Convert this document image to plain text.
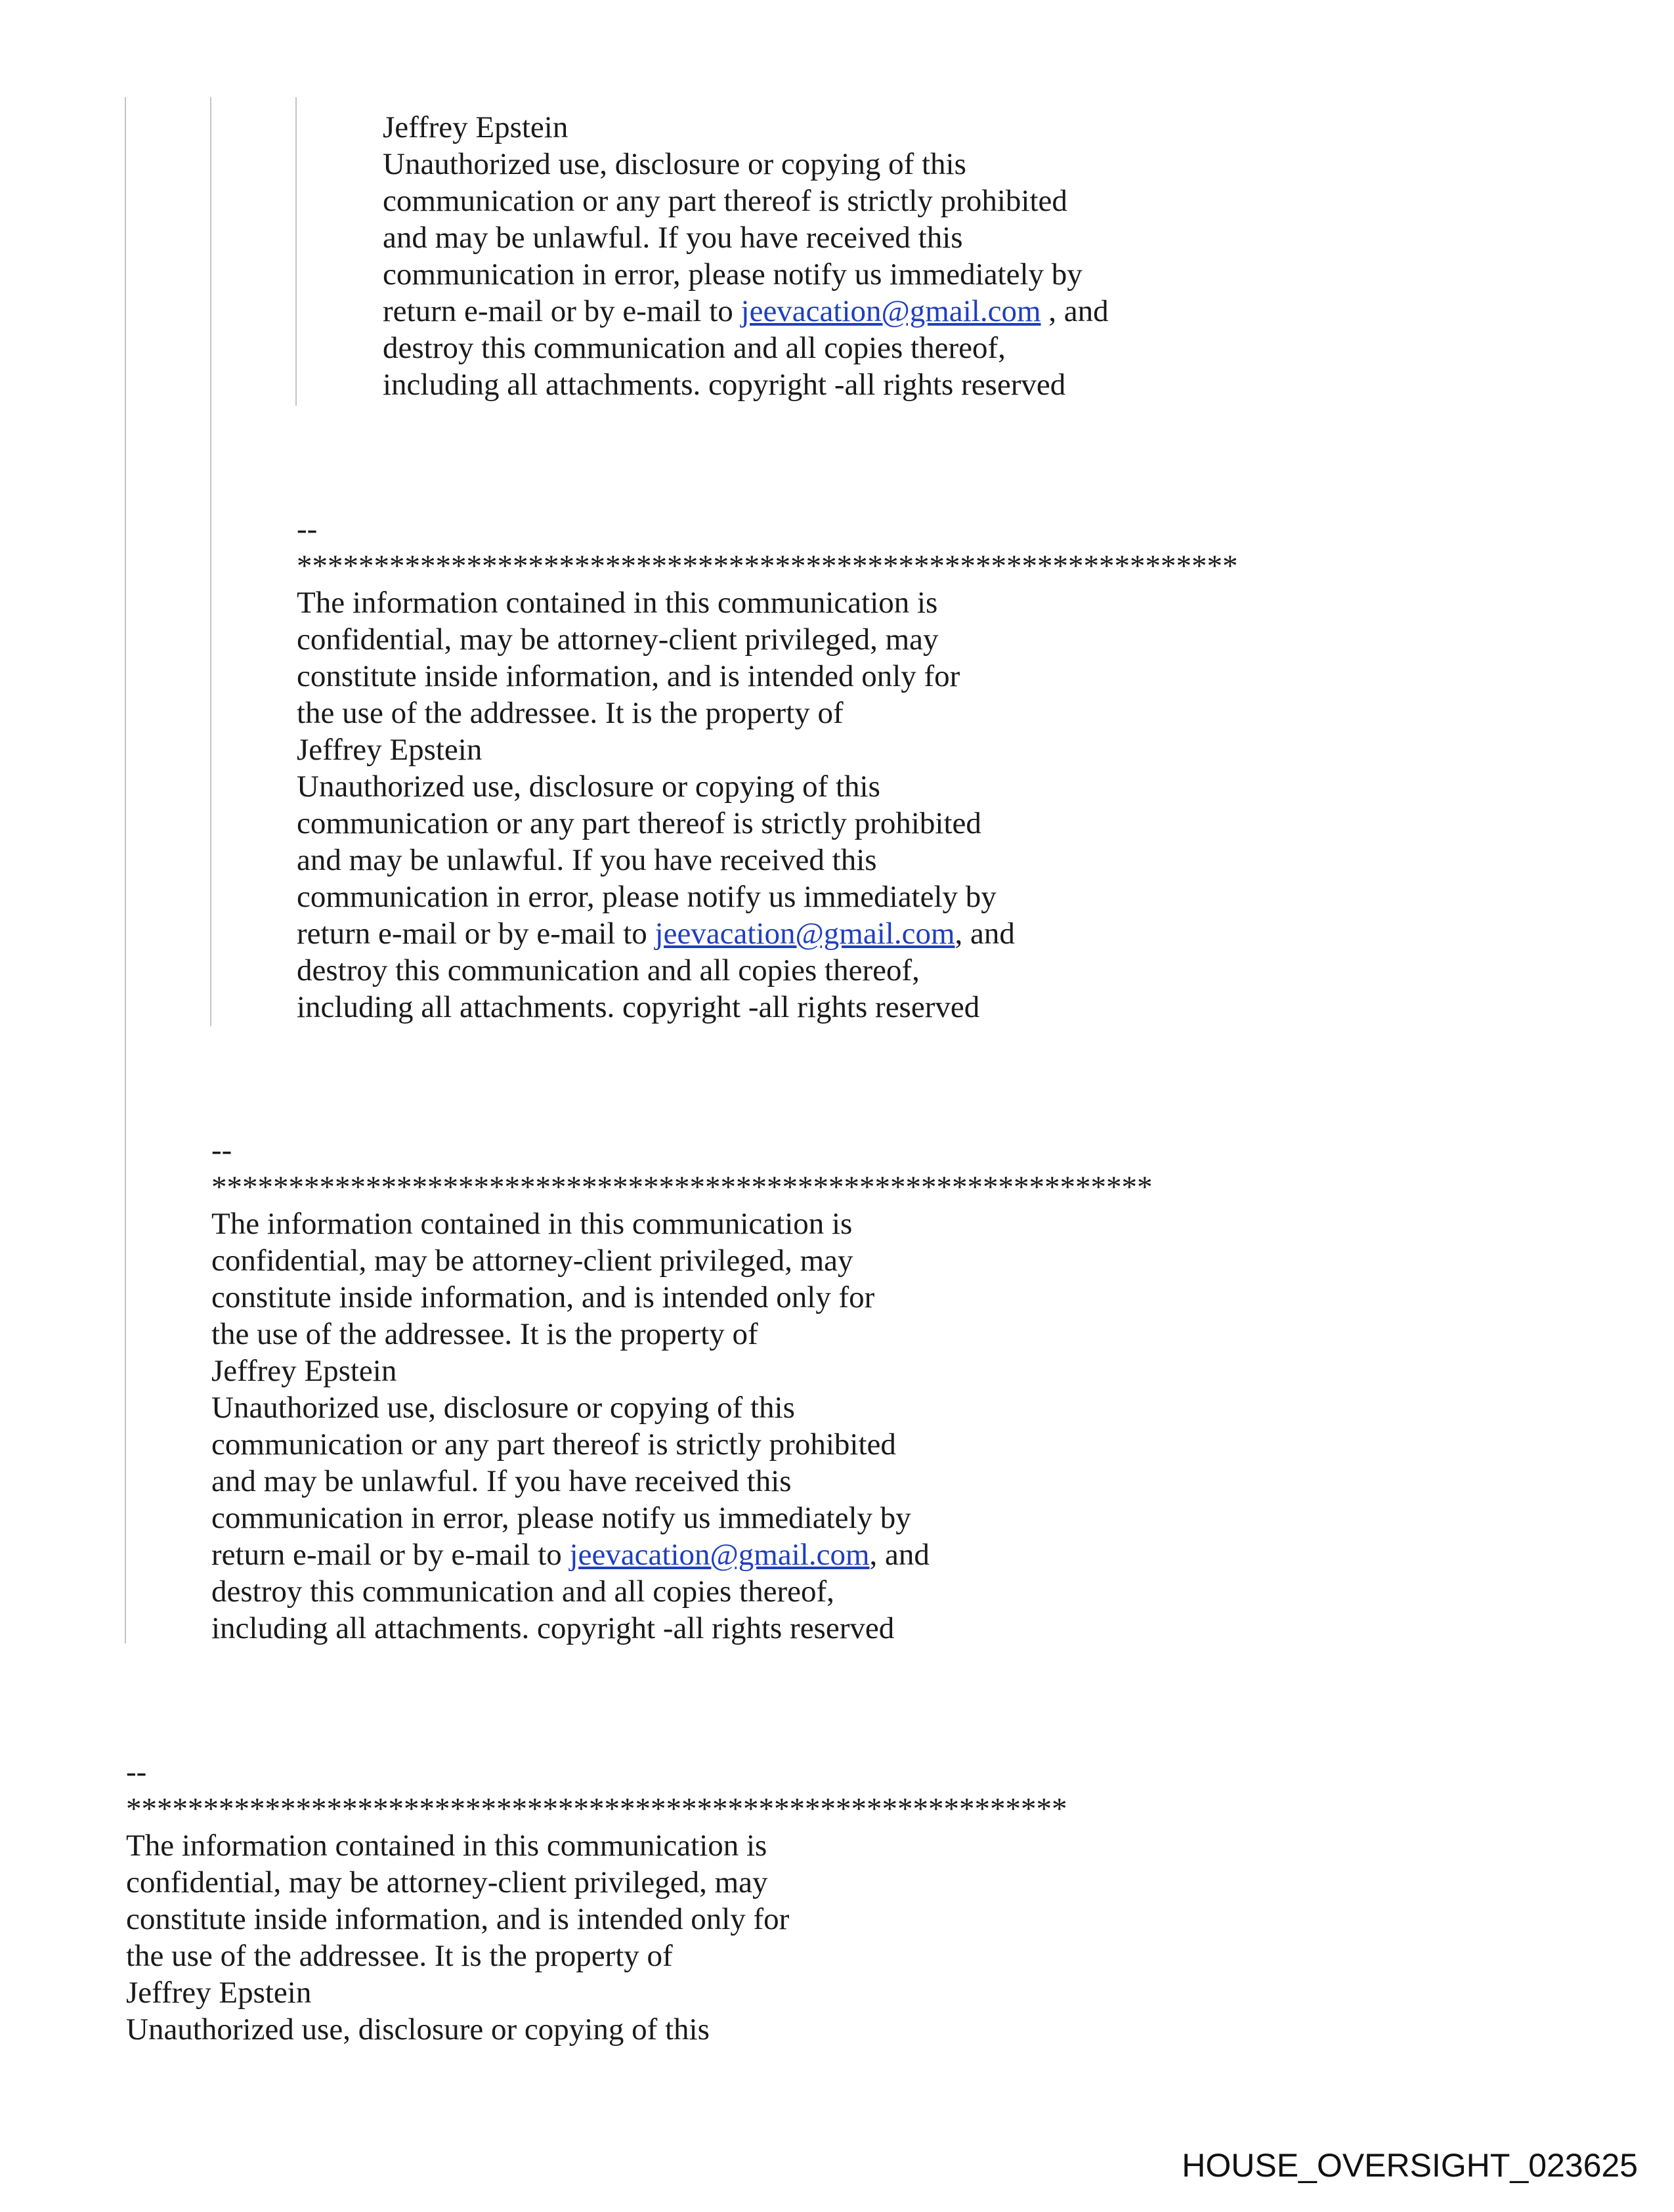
Jeffrey Epstein
Unauthorized use, disclosure or copying of this
communication or any part thereof is strictly prohibited
and may be unlawful. If you have received this
communication in error, please notify us immediately by
return e-mail or by e-mail to jeevacation@gmail.com , and
destroy this communication and all copies thereof,
including all attachments. copyright -all rights reserved
--
*************************************************************
The information contained in this communication is
confidential, may be attorney-client privileged, may
constitute inside information, and is intended only for
the use of the addressee. It is the property of
Jeffrey Epstein
Unauthorized use, disclosure or copying of this
communication or any part thereof is strictly prohibited
and may be unlawful. If you have received this
communication in error, please notify us immediately by
return e-mail or by e-mail to jeevacation@gmail.com, and
destroy this communication and all copies thereof,
including all attachments. copyright -all rights reserved
--
*************************************************************
The information contained in this communication is
confidential, may be attorney-client privileged, may
constitute inside information, and is intended only for
the use of the addressee. It is the property of
Jeffrey Epstein
Unauthorized use, disclosure or copying of this
communication or any part thereof is strictly prohibited
and may be unlawful. If you have received this
communication in error, please notify us immediately by
return e-mail or by e-mail to jeevacation@gmail.com, and
destroy this communication and all copies thereof,
including all attachments. copyright -all rights reserved
--
*************************************************************
The information contained in this communication is
confidential, may be attorney-client privileged, may
constitute inside information, and is intended only for
the use of the addressee. It is the property of
Jeffrey Epstein
Unauthorized use, disclosure or copying of this
HOUSE_OVERSIGHT_023625
